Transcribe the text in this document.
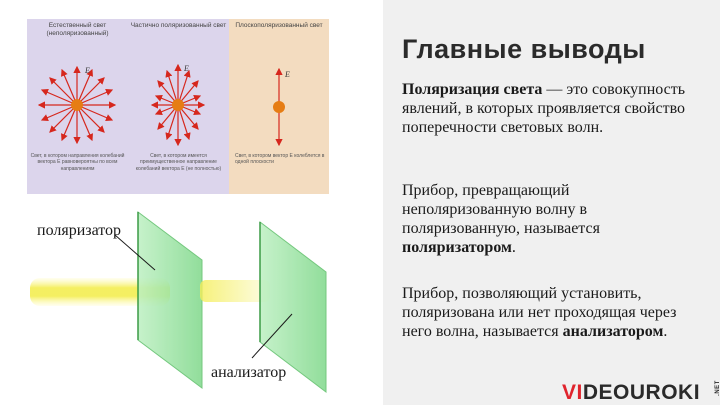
Главные выводы

Поляризация света — это совокупность явлений, в которых проявляется свойство поперечности световых волн.

Прибор, превращающий неполяризованную волну в поляризованную, называется поляризатором.

Прибор, позволяющий установить, поляризована или нет проходящая через него волна, называется анализатором.

Естественный свет (неполяризованный)
E
Свет, в котором направления колебаний вектора E равновероятны по всем направлениям
Частично поляризованный свет
E
Свет, в котором имеется преимущественное направление колебаний вектора E (не полностью)
Плоскополяризованный свет
E
Свет, в котором вектор E колеблется в одной плоскости
поляризатор
анализатор
VIDEOUROKI .NET
